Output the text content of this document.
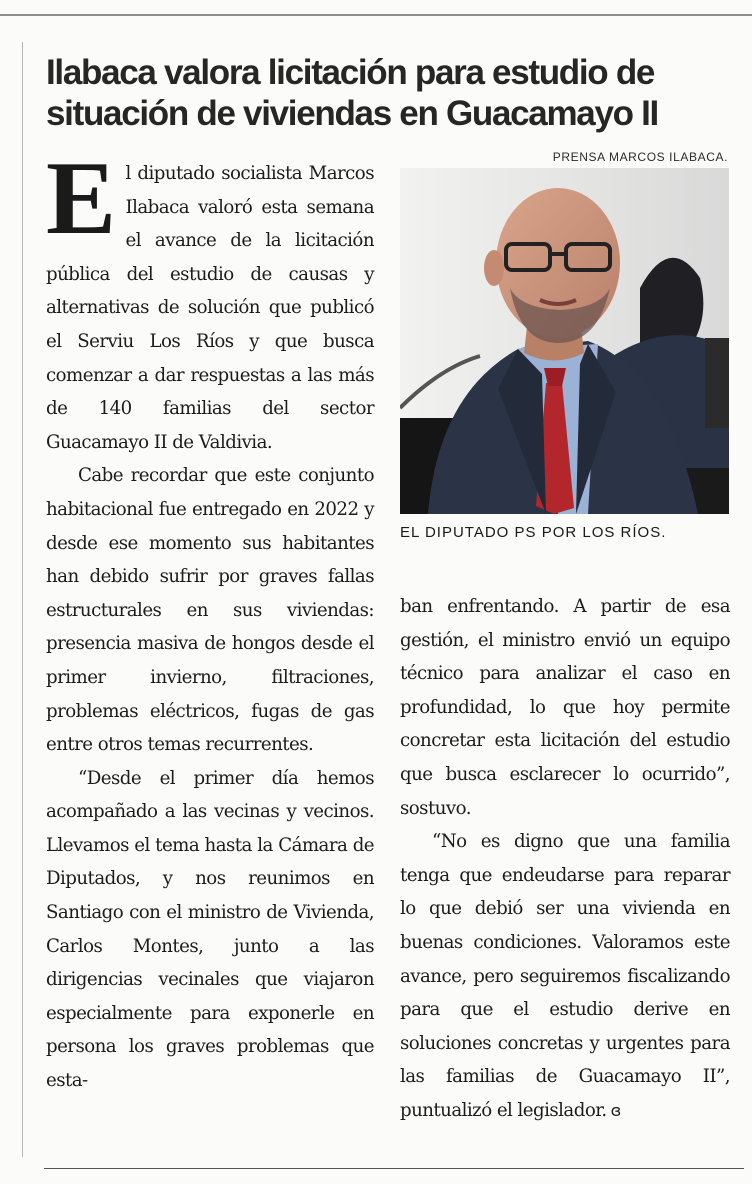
Ilabaca valora licitación para estudio de situación de viviendas en Guacamayo II
PRENSA MARCOS ILABACA.
EL DIPUTADO PS POR LOS RÍOS.

El diputado socialista Marcos Ilabaca valoró esta semana el avance de la licitación pública del estudio de causas y alternativas de solución que publicó el Serviu Los Ríos y que busca comenzar a dar respuestas a las más de 140 familias del sector Guacamayo II de Valdivia.

Cabe recordar que este conjunto habitacional fue entregado en 2022 y desde ese momento sus habitantes han debido sufrir por graves fallas estructurales en sus viviendas: presencia masiva de hongos desde el primer invierno, filtraciones, problemas eléctricos, fugas de gas entre otros temas recurrentes.

“Desde el primer día hemos acompañado a las vecinas y vecinos. Llevamos el tema hasta la Cámara de Diputados, y nos reunimos en Santiago con el ministro de Vivienda, Carlos Montes, junto a las dirigencias vecinales que viajaron especialmente para exponerle en persona los graves problemas que esta-

ban enfrentando. A partir de esa gestión, el ministro envió un equipo técnico para analizar el caso en profundidad, lo que hoy permite concretar esta licitación del estudio que busca esclarecer lo ocurrido”, sostuvo.

“No es digno que una familia tenga que endeudarse para reparar lo que debió ser una vivienda en buenas condiciones. Valoramos este avance, pero seguiremos fiscalizando para que el estudio derive en soluciones concretas y urgentes para las familias de Guacamayo II”, puntualizó el legislador. ɞ
